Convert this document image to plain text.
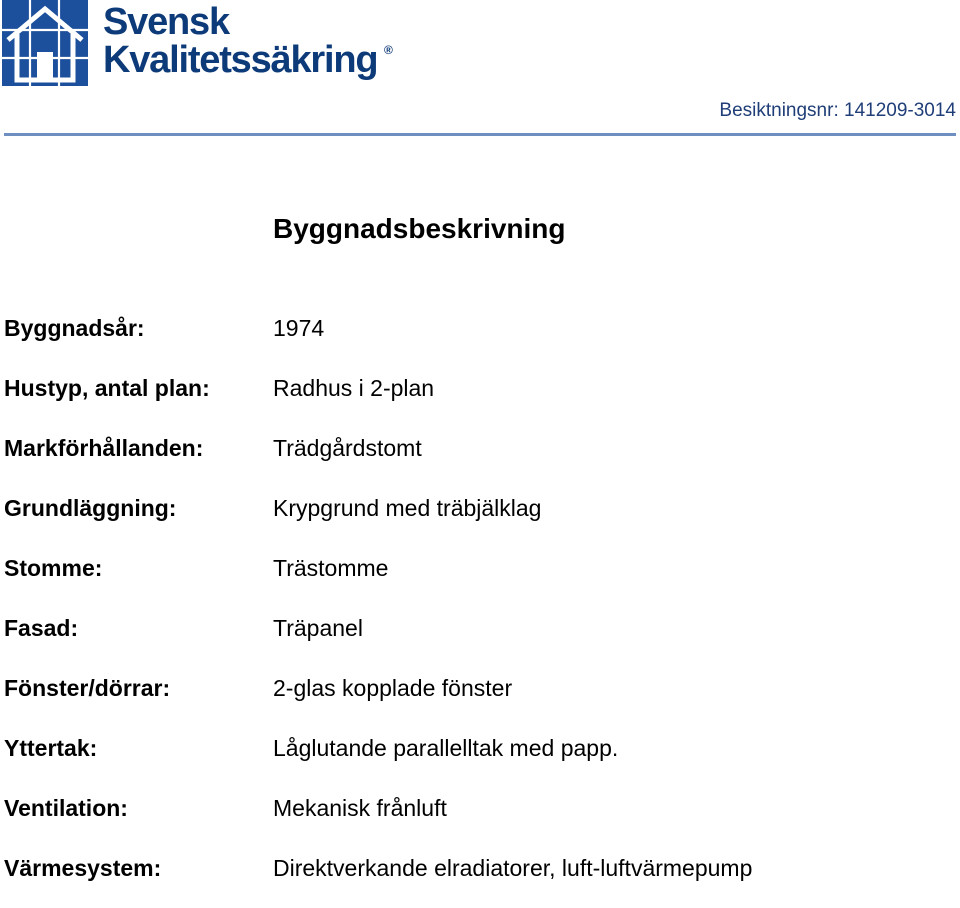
Svensk
Kvalitetssäkring ®
Besiktningsnr: 141209-3014
Byggnadsbeskrivning
Byggnadsår:	1974
Hustyp, antal plan:	Radhus i 2-plan
Markförhållanden:	Trädgårdstomt
Grundläggning:	Krypgrund med träbjälklag
Stomme:	Trästomme
Fasad:	Träpanel
Fönster/dörrar:	2-glas kopplade fönster
Yttertak:	Låglutande parallelltak med papp.
Ventilation:	Mekanisk frånluft
Värmesystem:	Direktverkande elradiatorer, luft-luftvärmepump
